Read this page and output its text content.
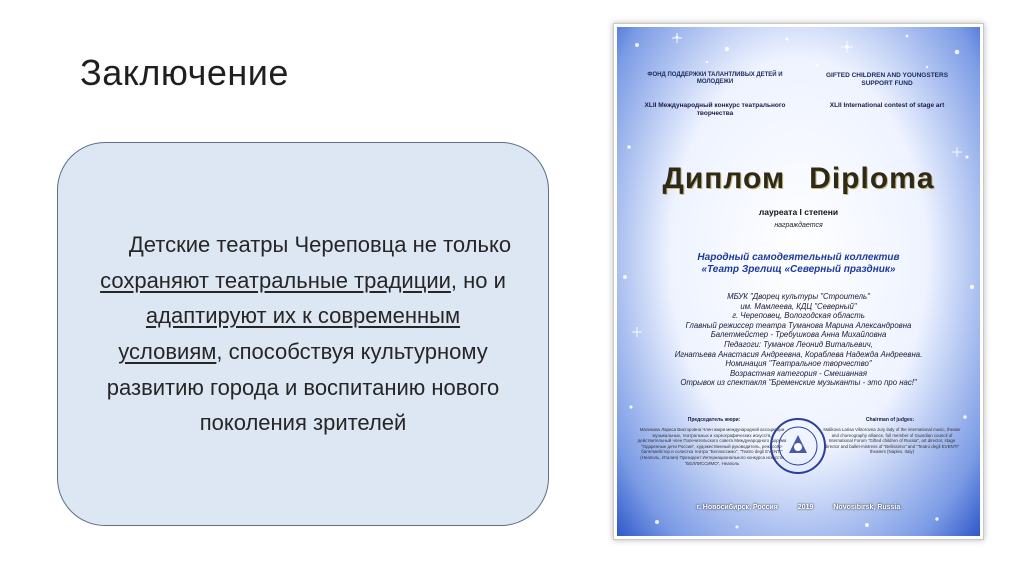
Заключение

Детские театры Череповца не только сохраняют театральные традиции, но и адаптируют их к современным условиям, способствуя культурному развитию города и воспитанию нового поколения зрителей

ФОНД ПОДДЕРЖКИ ТАЛАНТЛИВЫХ ДЕТЕЙ И МОЛОДЕЖИ
GIFTED CHILDREN AND YOUNGSTERS SUPPORT FUND
XLII Международный конкурс театрального творчества
XLII International contest of stage art
Диплом Diploma
лауреата I степени
награждается
Народный самодеятельный коллектив
«Театр Зрелищ «Северный праздник»
МБУК "Дворец культуры "Строитель"
им. Мамлеева, КДЦ "Северный"
г. Череповец, Вологодская область
Главный режиссер театра Туманова Марина Александровна
Балетмейстер - Требушкова Анна Михайловна
Педагоги: Туманов Леонид Витальевич,
Игнатьева Анастасия Андреевна, Кораблева Надежда Андреевна.
Номинация "Театральное творчество"
Возрастная категория - Смешанная
Отрывок из спектакля "Бременские музыканты - это про нас!"
Председатель жюри:
Маликова Лариса Викторовна Член жюри международной ассоциации музыкальных, театральных и хореографических искусств, действительный член Попечительского совета Международного форума "Одаренные дети России", художественный руководитель, режиссёр-балетмейстер и солистка театра "Беллиссимо", "Teatro degli EVENTI" (Неаполь, Италия) Президент Интернационального конкурса искусств "БЕЛЛИССИМО", Неаполь
Chairman of judges:
Malikova Larisa Viktorovna Jury lady of the international music, theater and choreography alliance, full member of Guardian council of International Forum "Gifted children of Russia", art director, stage director and ballet-mistress of "Bellissimo" and "Teatro degli EVENTI" theaters (Naples, Italy)
г. Новосибирск, Россия	2019	Novosibirsk, Russia
